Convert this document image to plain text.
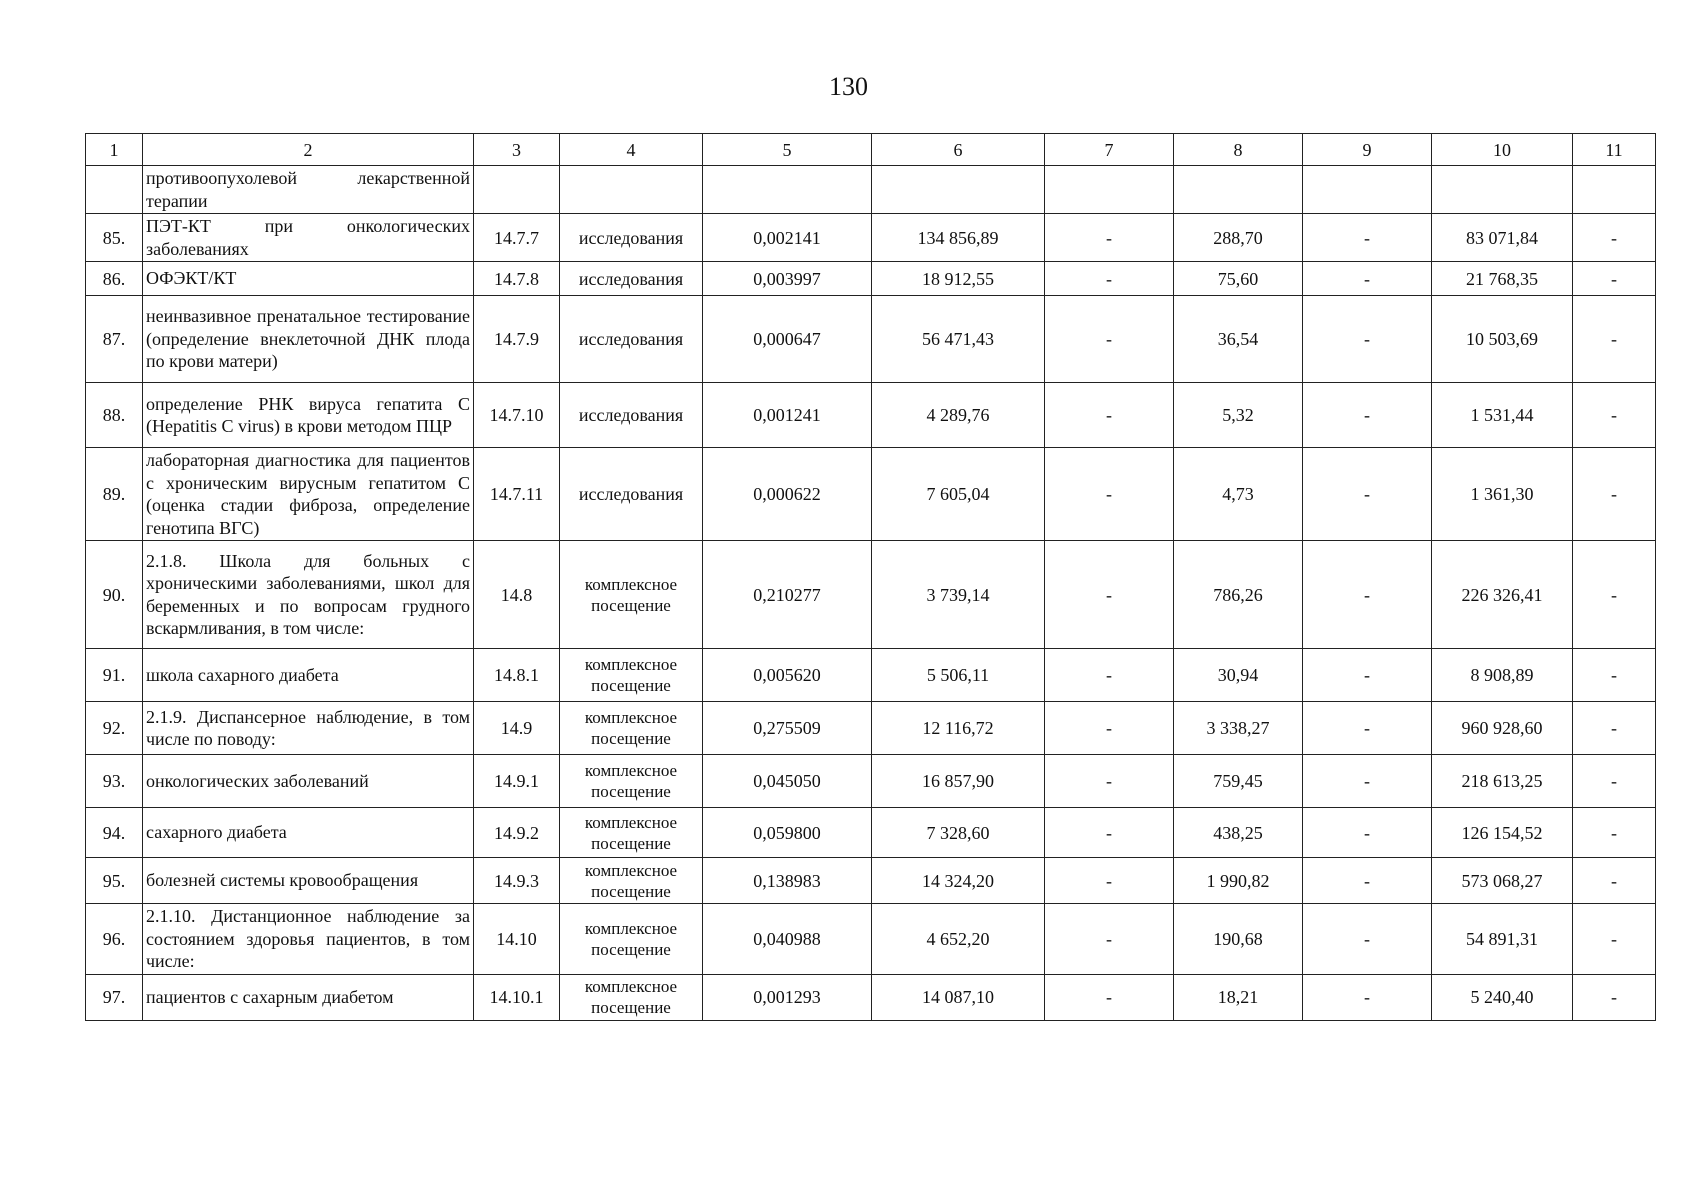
130
1	2	3	4	5	6	7	8	9	10	11
	противоопухолевой лекарственной терапии									
85.	ПЭТ-КТ при онкологических заболеваниях	14.7.7	исследования	0,002141	134 856,89	-	288,70	-	83 071,84	-
86.	ОФЭКТ/КТ	14.7.8	исследования	0,003997	18 912,55	-	75,60	-	21 768,35	-
87.	неинвазивное пренатальное тестирование (определение внеклеточной ДНК плода по крови матери)	14.7.9	исследования	0,000647	56 471,43	-	36,54	-	10 503,69	-
88.	определение РНК вируса гепатита С (Hepatitis C virus) в крови методом ПЦР	14.7.10	исследования	0,001241	4 289,76	-	5,32	-	1 531,44	-
89.	лабораторная диагностика для пациентов с хроническим вирусным гепатитом С (оценка стадии фиброза, определение генотипа ВГС)	14.7.11	исследования	0,000622	7 605,04	-	4,73	-	1 361,30	-
90.	2.1.8. Школа для больных с хроническими заболеваниями, школ для беременных и по вопросам грудного вскармливания, в том числе:	14.8	комплексное посещение	0,210277	3 739,14	-	786,26	-	226 326,41	-
91.	школа сахарного диабета	14.8.1	комплексное посещение	0,005620	5 506,11	-	30,94	-	8 908,89	-
92.	2.1.9. Диспансерное наблюдение, в том числе по поводу:	14.9	комплексное посещение	0,275509	12 116,72	-	3 338,27	-	960 928,60	-
93.	онкологических заболеваний	14.9.1	комплексное посещение	0,045050	16 857,90	-	759,45	-	218 613,25	-
94.	сахарного диабета	14.9.2	комплексное посещение	0,059800	7 328,60	-	438,25	-	126 154,52	-
95.	болезней системы кровообращения	14.9.3	комплексное посещение	0,138983	14 324,20	-	1 990,82	-	573 068,27	-
96.	2.1.10. Дистанционное наблюдение за состоянием здоровья пациентов, в том числе:	14.10	комплексное посещение	0,040988	4 652,20	-	190,68	-	54 891,31	-
97.	пациентов с сахарным диабетом	14.10.1	комплексное посещение	0,001293	14 087,10	-	18,21	-	5 240,40	-
